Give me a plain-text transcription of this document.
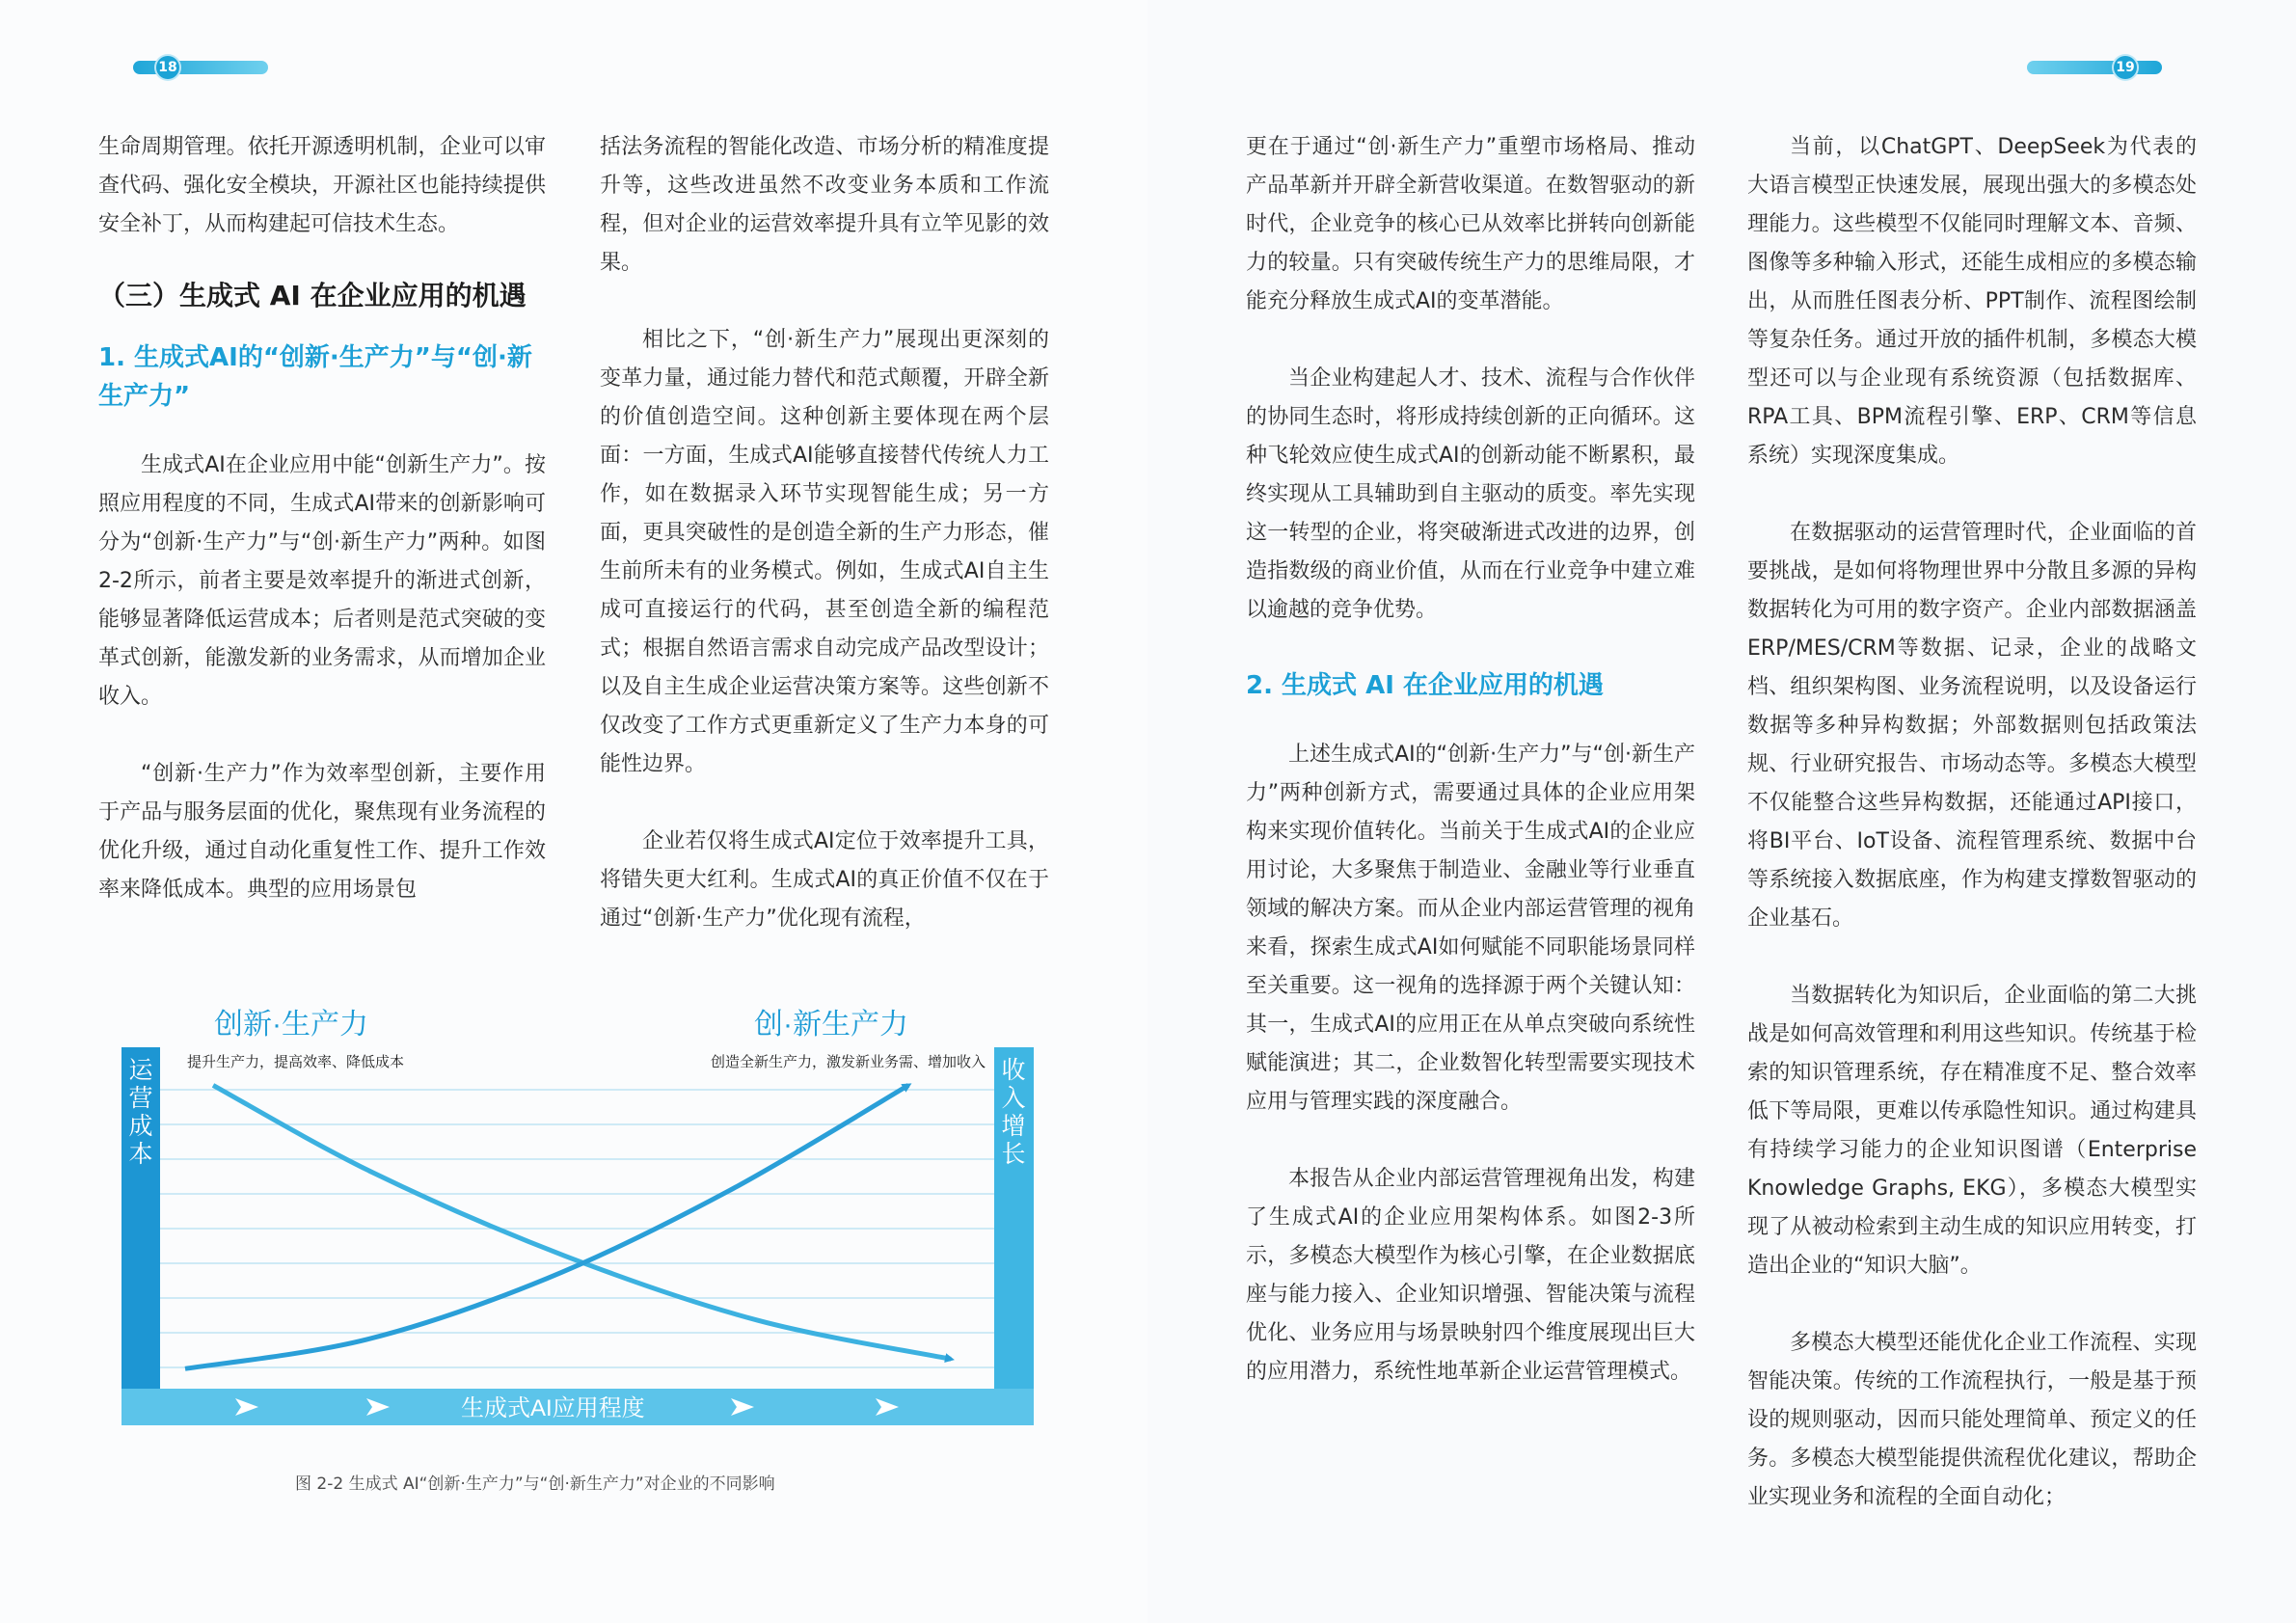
18

生命周期管理。依托开源透明机制，企业可以审查代码、强化安全模块，开源社区也能持续提供安全补丁，从而构建起可信技术生态。

（三）生成式 AI 在企业应用的机遇
1. 生成式AI的“创新·生产力”与“创·新生产力”

生成式AI在企业应用中能“创新生产力”。按照应用程度的不同，生成式AI带来的创新影响可分为“创新·生产力”与“创·新生产力”两种。如图2-2所示，前者主要是效率提升的渐进式创新，能够显著降低运营成本；后者则是范式突破的变革式创新，能激发新的业务需求，从而增加企业收入。

“创新·生产力”作为效率型创新，主要作用于产品与服务层面的优化，聚焦现有业务流程的优化升级，通过自动化重复性工作、提升工作效率来降低成本。典型的应用场景包

括法务流程的智能化改造、市场分析的精准度提升等，这些改进虽然不改变业务本质和工作流程，但对企业的运营效率提升具有立竿见影的效果。

相比之下，“创·新生产力”展现出更深刻的变革力量，通过能力替代和范式颠覆，开辟全新的价值创造空间。这种创新主要体现在两个层面：一方面，生成式AI能够直接替代传统人力工作，如在数据录入环节实现智能生成；另一方面，更具突破性的是创造全新的生产力形态，催生前所未有的业务模式。例如，生成式AI自主生成可直接运行的代码，甚至创造全新的编程范式；根据自然语言需求自动完成产品改型设计；以及自主生成企业运营决策方案等。这些创新不仅改变了工作方式更重新定义了生产力本身的可能性边界。

企业若仅将生成式AI定位于效率提升工具，将错失更大红利。生成式AI的真正价值不仅在于通过“创新·生产力”优化现有流程，

创新·生产力
提升生产力，提高效率、降低成本
创·新生产力
创造全新生产力，激发新业务需、增加收入
生成式AI应用程度
运
营
成
本
收
入
增
长
图 2-2 生成式 AI“创新·生产力”与“创·新生产力”对企业的不同影响
19

更在于通过“创·新生产力”重塑市场格局、推动产品革新并开辟全新营收渠道。在数智驱动的新时代，企业竞争的核心已从效率比拼转向创新能力的较量。只有突破传统生产力的思维局限，才能充分释放生成式AI的变革潜能。

当企业构建起人才、技术、流程与合作伙伴的协同生态时，将形成持续创新的正向循环。这种飞轮效应使生成式AI的创新动能不断累积，最终实现从工具辅助到自主驱动的质变。率先实现这一转型的企业，将突破渐进式改进的边界，创造指数级的商业价值，从而在行业竞争中建立难以逾越的竞争优势。

2. 生成式 AI 在企业应用的机遇

上述生成式AI的“创新·生产力”与“创·新生产力”两种创新方式，需要通过具体的企业应用架构来实现价值转化。当前关于生成式AI的企业应用讨论，大多聚焦于制造业、金融业等行业垂直领域的解决方案。而从企业内部运营管理的视角来看，探索生成式AI如何赋能不同职能场景同样至关重要。这一视角的选择源于两个关键认知：其一，生成式AI的应用正在从单点突破向系统性赋能演进；其二，企业数智化转型需要实现技术应用与管理实践的深度融合。

本报告从企业内部运营管理视角出发，构建了生成式AI的企业应用架构体系。如图2-3所示，多模态大模型作为核心引擎，在企业数据底座与能力接入、企业知识增强、智能决策与流程优化、业务应用与场景映射四个维度展现出巨大的应用潜力，系统性地革新企业运营管理模式。

当前，以ChatGPT、DeepSeek为代表的大语言模型正快速发展，展现出强大的多模态处理能力。这些模型不仅能同时理解文本、音频、图像等多种输入形式，还能生成相应的多模态输出，从而胜任图表分析、PPT制作、流程图绘制等复杂任务。通过开放的插件机制，多模态大模型还可以与企业现有系统资源（包括数据库、RPA工具、BPM流程引擎、ERP、CRM等信息系统）实现深度集成。

在数据驱动的运营管理时代，企业面临的首要挑战，是如何将物理世界中分散且多源的异构数据转化为可用的数字资产。企业内部数据涵盖ERP/MES/CRM等数据、记录，企业的战略文档、组织架构图、业务流程说明，以及设备运行数据等多种异构数据；外部数据则包括政策法规、行业研究报告、市场动态等。多模态大模型不仅能整合这些异构数据，还能通过API接口，将BI平台、IoT设备、流程管理系统、数据中台等系统接入数据底座，作为构建支撑数智驱动的企业基石。

当数据转化为知识后，企业面临的第二大挑战是如何高效管理和利用这些知识。传统基于检索的知识管理系统，存在精准度不足、整合效率低下等局限，更难以传承隐性知识。通过构建具有持续学习能力的企业知识图谱（Enterprise Knowledge Graphs, EKG），多模态大模型实现了从被动检索到主动生成的知识应用转变，打造出企业的“知识大脑”。

多模态大模型还能优化企业工作流程、实现智能决策。传统的工作流程执行，一般是基于预设的规则驱动，因而只能处理简单、预定义的任务。多模态大模型能提供流程优化建议，帮助企业实现业务和流程的全面自动化；
